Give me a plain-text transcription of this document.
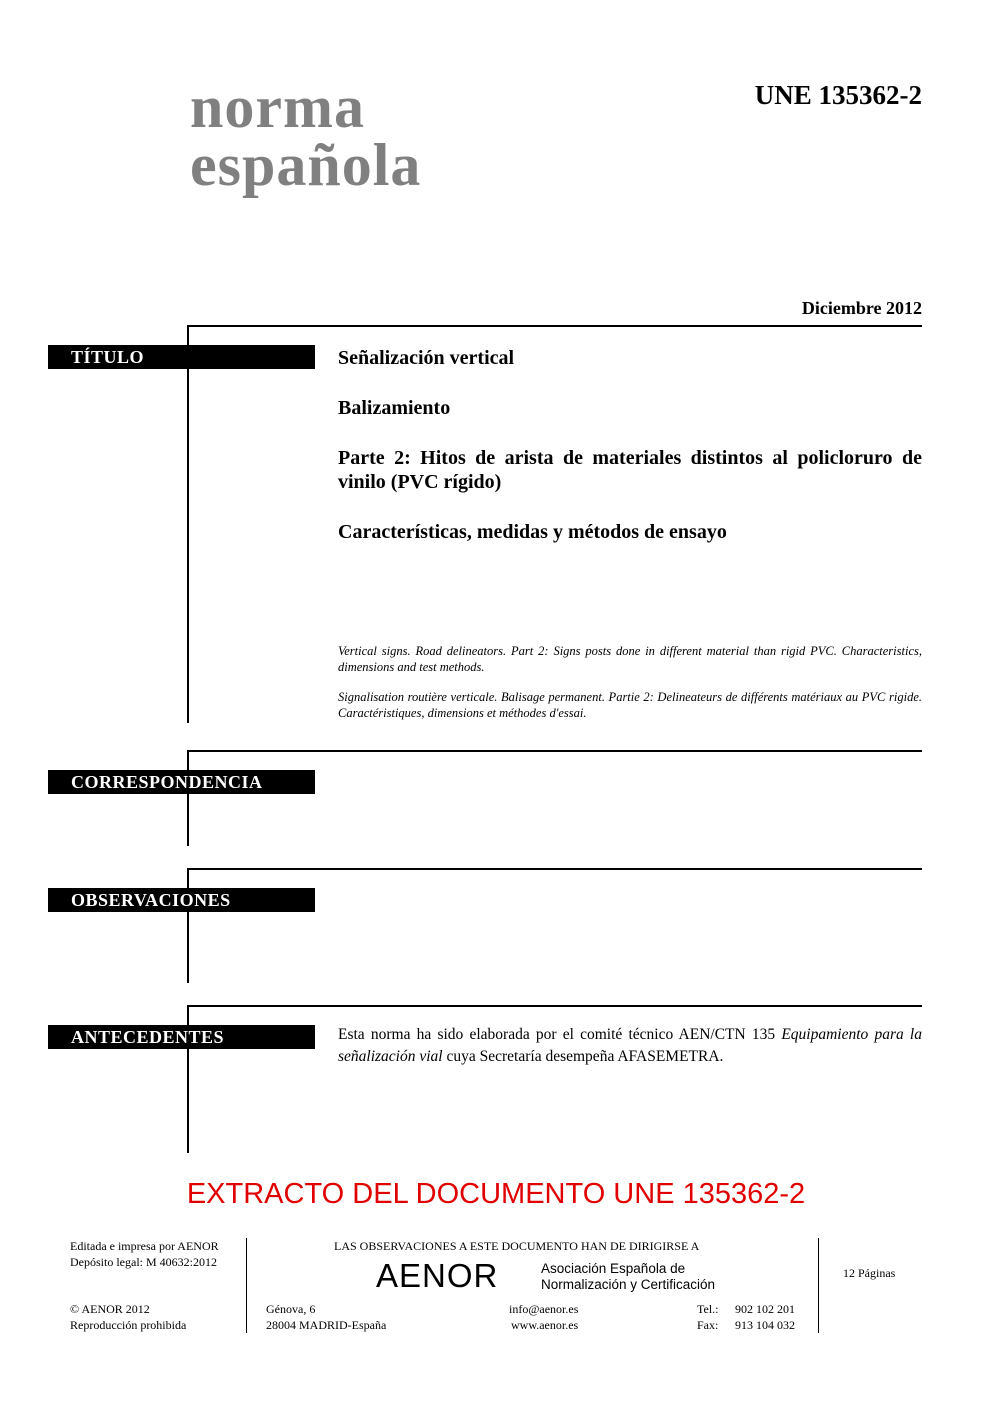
norma
española
UNE 135362-2
Diciembre 2012
TÍTULO	Señalización vertical
Balizamiento
Parte 2: Hitos de arista de materiales distintos al policloruro de vinilo (PVC rígido)
Características, medidas y métodos de ensayo
Vertical signs. Road delineators. Part 2: Signs posts done in different material than rigid PVC. Characteristics, dimensions and test methods.
Signalisation routière verticale. Balisage permanent. Partie 2: Delineateurs de différents matériaux au PVC rigide. Caractéristiques, dimensions et méthodes d'essai.
CORRESPONDENCIA
OBSERVACIONES
ANTECEDENTES	Esta norma ha sido elaborada por el comité técnico AEN/CTN 135 Equipamiento para la señalización vial cuya Secretaría desempeña AFASEMETRA.
EXTRACTO DEL DOCUMENTO UNE 135362-2
Editada e impresa por AENOR
Depósito legal: M 40632:2012
© AENOR 2012
Reproducción prohibida
LAS OBSERVACIONES A ESTE DOCUMENTO HAN DE DIRIGIRSE A
AENOR	Asociación Española de
Normalización y Certificación
Génova, 6
28004 MADRID-España
info@aenor.es
www.aenor.es
Tel.: 902 102 201
Fax: 913 104 032
12 Páginas
